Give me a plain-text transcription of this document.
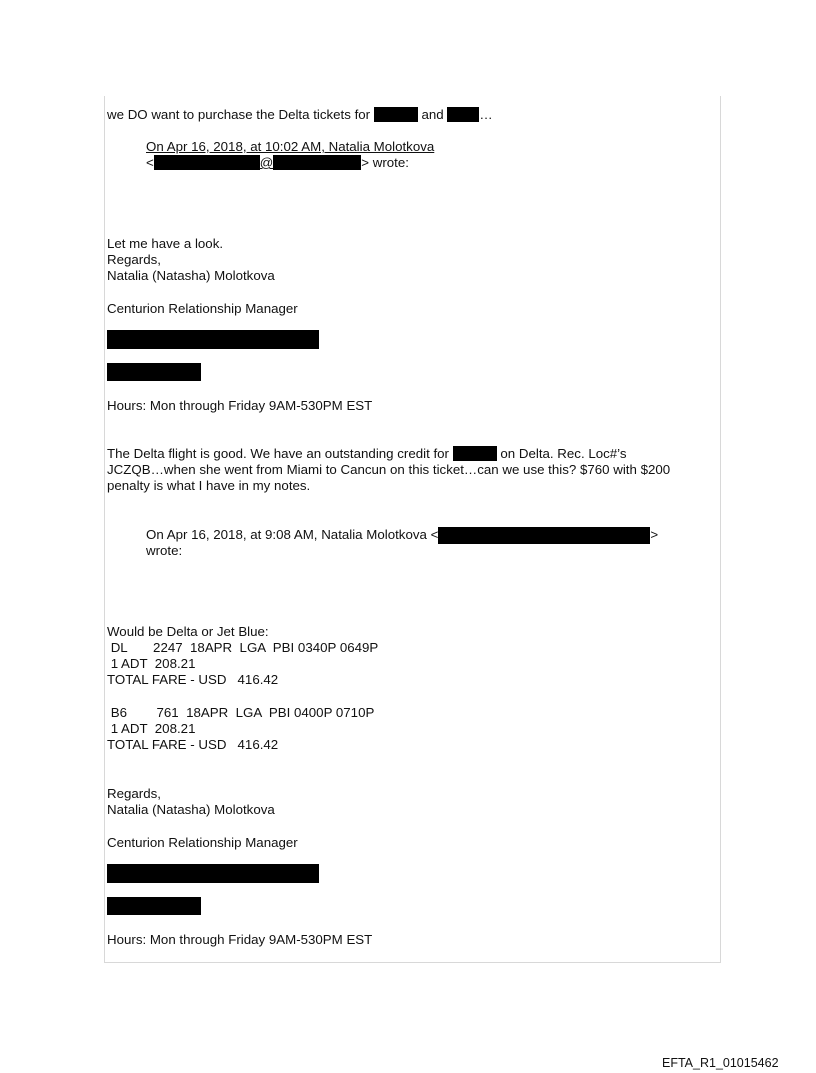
we DO want to purchase the Delta tickets for	and …
On Apr 16, 2018, at 10:02 AM, Natalia Molotkova
<	@	> wrote:
Let me have a look.
Regards,
Natalia (Natasha) Molotkova
Centurion Relationship Manager
Hours: Mon through Friday 9AM-530PM EST
The Delta flight is good. We have an outstanding credit for	on Delta. Rec. Loc#’s
JCZQB…when she went from Miami to Cancun on this ticket…can we use this? $760 with $200
penalty is what I have in my notes.
On Apr 16, 2018, at 9:08 AM, Natalia Molotkova <	>
wrote:
Would be Delta or Jet Blue:
DL       2247  18APR  LGA  PBI 0340P 0649P
1 ADT  208.21
TOTAL FARE - USD   416.42
B6        761  18APR  LGA  PBI 0400P 0710P
1 ADT  208.21
TOTAL FARE - USD   416.42
Regards,
Natalia (Natasha) Molotkova
Centurion Relationship Manager
Hours: Mon through Friday 9AM-530PM EST
EFTA_R1_01015462
